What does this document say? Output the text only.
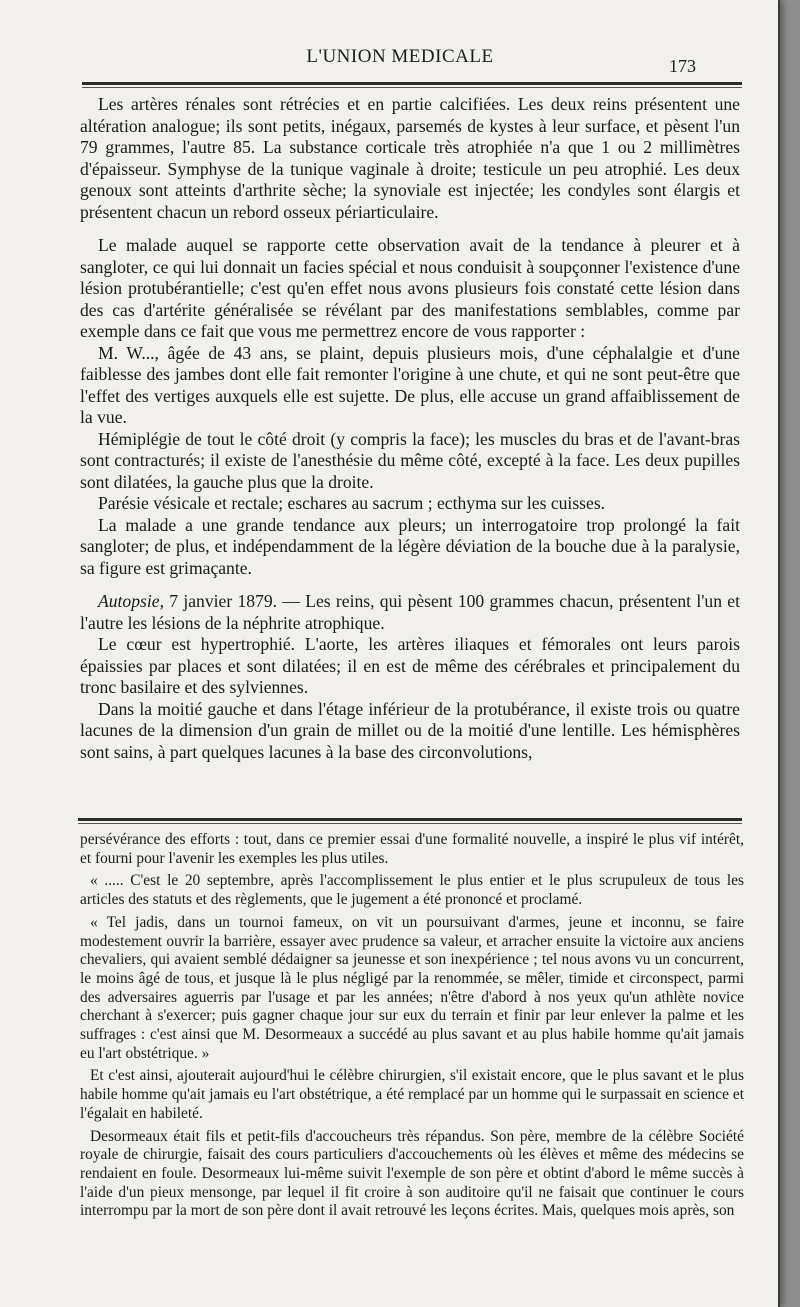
L'UNION MEDICALE	173

Les artères rénales sont rétrécies et en partie calcifiées. Les deux reins présentent une altération analogue; ils sont petits, inégaux, parsemés de kystes à leur surface, et pèsent l'un 79 grammes, l'autre 85. La substance corticale très atrophiée n'a que 1 ou 2 millimètres d'épaisseur. Symphyse de la tunique vaginale à droite; testicule un peu atrophié. Les deux genoux sont atteints d'arthrite sèche; la synoviale est injectée; les condyles sont élargis et présentent chacun un rebord osseux périarticulaire.

Le malade auquel se rapporte cette observation avait de la tendance à pleurer et à sangloter, ce qui lui donnait un facies spécial et nous conduisit à soupçonner l'existence d'une lésion protubérantielle; c'est qu'en effet nous avons plusieurs fois constaté cette lésion dans des cas d'artérite généralisée se révélant par des manifestations semblables, comme par exemple dans ce fait que vous me permettrez encore de vous rapporter :

M. W..., âgée de 43 ans, se plaint, depuis plusieurs mois, d'une céphalalgie et d'une faiblesse des jambes dont elle fait remonter l'origine à une chute, et qui ne sont peut-être que l'effet des vertiges auxquels elle est sujette. De plus, elle accuse un grand affaiblissement de la vue.

Hémiplégie de tout le côté droit (y compris la face); les muscles du bras et de l'avant-bras sont contracturés; il existe de l'anesthésie du même côté, excepté à la face. Les deux pupilles sont dilatées, la gauche plus que la droite.

Parésie vésicale et rectale; eschares au sacrum ; ecthyma sur les cuisses.

La malade a une grande tendance aux pleurs; un interrogatoire trop prolongé la fait sangloter; de plus, et indépendamment de la légère déviation de la bouche due à la paralysie, sa figure est grimaçante.

Autopsie, 7 janvier 1879. — Les reins, qui pèsent 100 grammes chacun, présentent l'un et l'autre les lésions de la néphrite atrophique.

Le cœur est hypertrophié. L'aorte, les artères iliaques et fémorales ont leurs parois épaissies par places et sont dilatées; il en est de même des cérébrales et principalement du tronc basilaire et des sylviennes.

Dans la moitié gauche et dans l'étage inférieur de la protubérance, il existe trois ou quatre lacunes de la dimension d'un grain de millet ou de la moitié d'une lentille. Les hémisphères sont sains, à part quelques lacunes à la base des circonvolutions,

persévérance des efforts : tout, dans ce premier essai d'une formalité nouvelle, a inspiré le plus vif intérêt, et fourni pour l'avenir les exemples les plus utiles.

« ..... C'est le 20 septembre, après l'accomplissement le plus entier et le plus scrupuleux de tous les articles des statuts et des règlements, que le jugement a été prononcé et proclamé.

« Tel jadis, dans un tournoi fameux, on vit un poursuivant d'armes, jeune et inconnu, se faire modestement ouvrir la barrière, essayer avec prudence sa valeur, et arracher ensuite la victoire aux anciens chevaliers, qui avaient semblé dédaigner sa jeunesse et son inexpérience ; tel nous avons vu un concurrent, le moins âgé de tous, et jusque là le plus négligé par la renommée, se mêler, timide et circonspect, parmi des adversaires aguerris par l'usage et par les années; n'être d'abord à nos yeux qu'un athlète novice cherchant à s'exercer; puis gagner chaque jour sur eux du terrain et finir par leur enlever la palme et les suffrages : c'est ainsi que M. Desormeaux a succédé au plus savant et au plus habile homme qu'ait jamais eu l'art obstétrique. »

Et c'est ainsi, ajouterait aujourd'hui le célèbre chirurgien, s'il existait encore, que le plus savant et le plus habile homme qu'ait jamais eu l'art obstétrique, a été remplacé par un homme qui le surpassait en science et l'égalait en habileté.

Desormeaux était fils et petit-fils d'accoucheurs très répandus. Son père, membre de la célèbre Société royale de chirurgie, faisait des cours particuliers d'accouchements où les élèves et même des médecins se rendaient en foule. Desormeaux lui-même suivit l'exemple de son père et obtint d'abord le même succès à l'aide d'un pieux mensonge, par lequel il fit croire à son auditoire qu'il ne faisait que continuer le cours interrompu par la mort de son père dont il avait retrouvé les leçons écrites. Mais, quelques mois après, son
